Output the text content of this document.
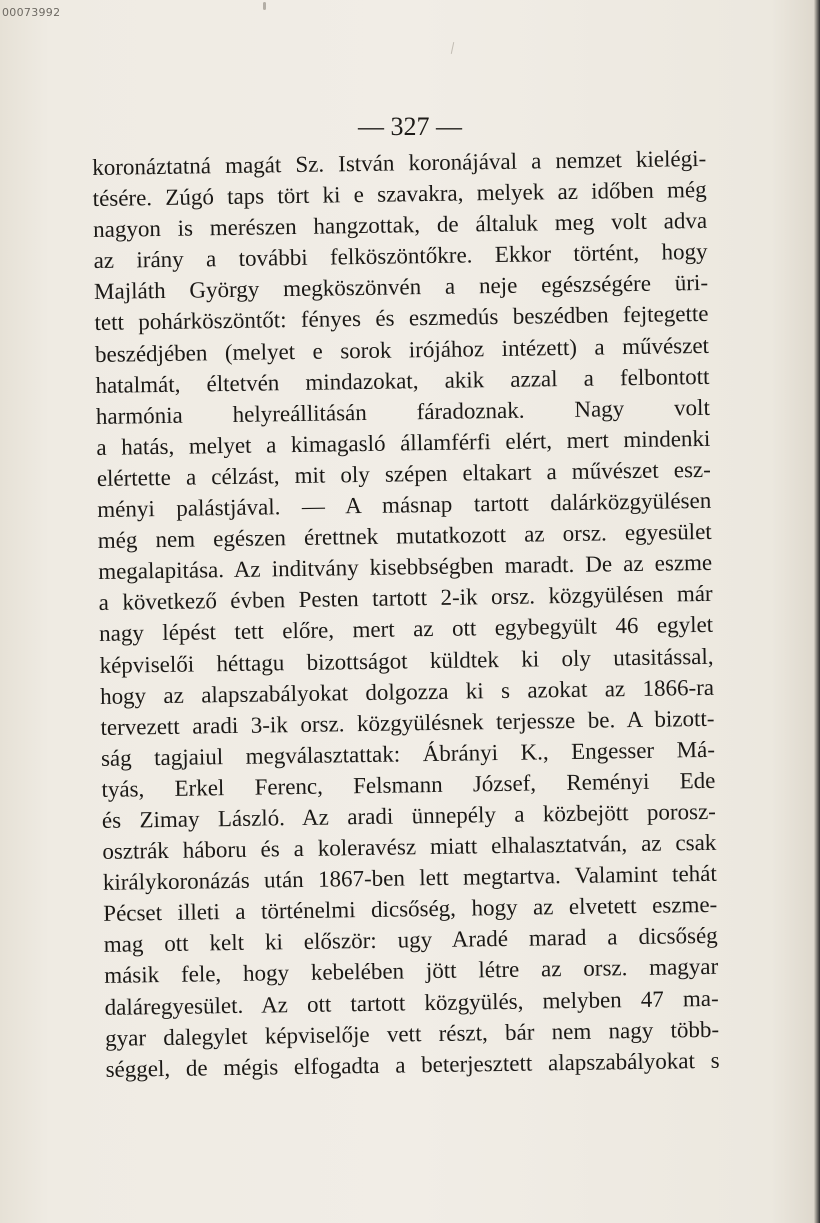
00073992
— 327 —
koronáztatná magát Sz. István koronájával a nemzet kielégi-
tésére. Zúgó taps tört ki e szavakra, melyek az időben még
nagyon is merészen hangzottak, de általuk meg volt adva
az irány a további felköszöntőkre. Ekkor történt, hogy
Majláth György megköszönvén a neje egészségére üri-
tett pohárköszöntőt: fényes és eszmedús beszédben fejtegette
beszédjében (melyet e sorok irójához intézett) a művészet
hatalmát, éltetvén mindazokat, akik azzal a felbontott
harmónia helyreállitásán fáradoznak. Nagy volt
a hatás, melyet a kimagasló államférfi elért, mert mindenki
elértette a célzást, mit oly szépen eltakart a művészet esz-
ményi palástjával. — A másnap tartott dalárközgyülésen
még nem egészen érettnek mutatkozott az orsz. egyesület
megalapitása. Az inditvány kisebbségben maradt. De az eszme
a következő évben Pesten tartott 2-ik orsz. közgyülésen már
nagy lépést tett előre, mert az ott egybegyült 46 egylet
képviselői héttagu bizottságot küldtek ki oly utasitással,
hogy az alapszabályokat dolgozza ki s azokat az 1866-ra
tervezett aradi 3-ik orsz. közgyülésnek terjessze be. A bizott-
ság tagjaiul megválasztattak: Ábrányi K., Engesser Má-
tyás, Erkel Ferenc, Felsmann József, Reményi Ede
és Zimay László. Az aradi ünnepély a közbejött porosz-
osztrák háboru és a koleravész miatt elhalasztatván, az csak
királykoronázás után 1867-ben lett megtartva. Valamint tehát
Pécset illeti a történelmi dicsőség, hogy az elvetett eszme-
mag ott kelt ki először: ugy Aradé marad a dicsőség
másik fele, hogy kebelében jött létre az orsz. magyar
daláregyesület. Az ott tartott közgyülés, melyben 47 ma-
gyar dalegylet képviselője vett részt, bár nem nagy több-
séggel, de mégis elfogadta a beterjesztett alapszabályokat s
